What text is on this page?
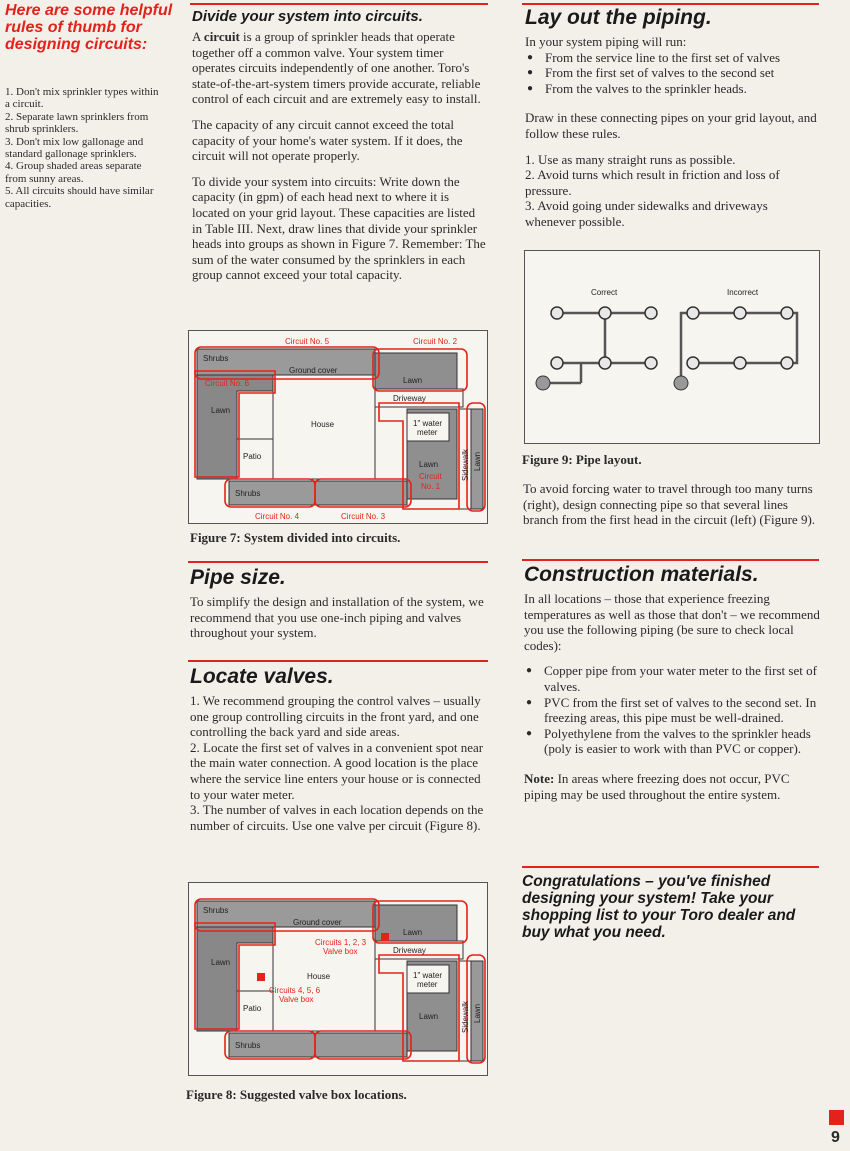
Here are some helpful rules of thumb for designing circuits:
1. Don't mix sprinkler types within a circuit.
2. Separate lawn sprinklers from shrub sprinklers.
3. Don't mix low gallonage and standard gallonage sprinklers.
4. Group shaded areas separate from sunny areas.
5. All circuits should have similar capacities.
Divide your system into circuits.

A circuit is a group of sprinkler heads that operate together off a common valve. Your system timer operates circuits independently of one another. Toro's state-of-the-art-system timers provide accurate, reliable control of each circuit and are extremely easy to install.

The capacity of any circuit cannot exceed the total capacity of your home's water system. If it does, the circuit will not operate properly.

To divide your system into circuits: Write down the capacity (in gpm) of each head next to where it is located on your grid layout. These capacities are listed in Table III. Next, draw lines that divide your sprinkler heads into groups as shown in Figure 7. Remember: The sum of the water consumed by the sprinklers in each group cannot exceed your total capacity.

Circuit No. 5	Circuit No. 2
Circuit No. 6
Circuit No. 4	Circuit No. 3
Circuit
No. 1
Shrubs
Ground cover
Lawn
Lawn
House
Patio
Driveway
1" water
meter
Lawn	Sidewalk Lawn
Shrubs
Figure 7: System divided into circuits.
Pipe size.

To simplify the design and installation of the system, we recommend that you use one-inch piping and valves throughout your system.

Locate valves.

1. We recommend grouping the control valves – usually one group controlling circuits in the front yard, and one controlling the back yard and side areas.

2. Locate the first set of valves in a convenient spot near the main water connection. A good location is the place where the service line enters your house or is connected to your water meter.

3. The number of valves in each location depends on the number of circuits. Use one valve per circuit (Figure 8).

Circuits 1, 2, 3
Valve box
Circuits 4, 5, 6
Valve box
Shrubs
Ground cover
Lawn
Lawn
House
Patio
Driveway
1" water
meter
Lawn	Sidewalk Lawn
Shrubs
Figure 8: Suggested valve box locations.
Lay out the piping.

In your system piping will run:

● From the service line to the first set of valves
● From the first set of valves to the second set
● From the valves to the sprinkler heads.

Draw in these connecting pipes on your grid layout, and follow these rules.

1. Use as many straight runs as possible.

2. Avoid turns which result in friction and loss of pressure.

3. Avoid going under sidewalks and driveways whenever possible.

Correct	Incorrect
Figure 9: Pipe layout.

To avoid forcing water to travel through too many turns (right), design connecting pipe so that several lines branch from the first head in the circuit (left) (Figure 9).

Construction materials.

In all locations – those that experience freezing temperatures as well as those that don't – we recommend you use the following piping (be sure to check local codes):

● Copper pipe from your water meter to the first set of valves.
● PVC from the first set of valves to the second set. In freezing areas, this pipe must be well-drained.
● Polyethylene from the valves to the sprinkler heads (poly is easier to work with than PVC or copper).

Note: In areas where freezing does not occur, PVC piping may be used throughout the entire system.

Congratulations – you've finished designing your system! Take your shopping list to your Toro dealer and buy what you need.
9
